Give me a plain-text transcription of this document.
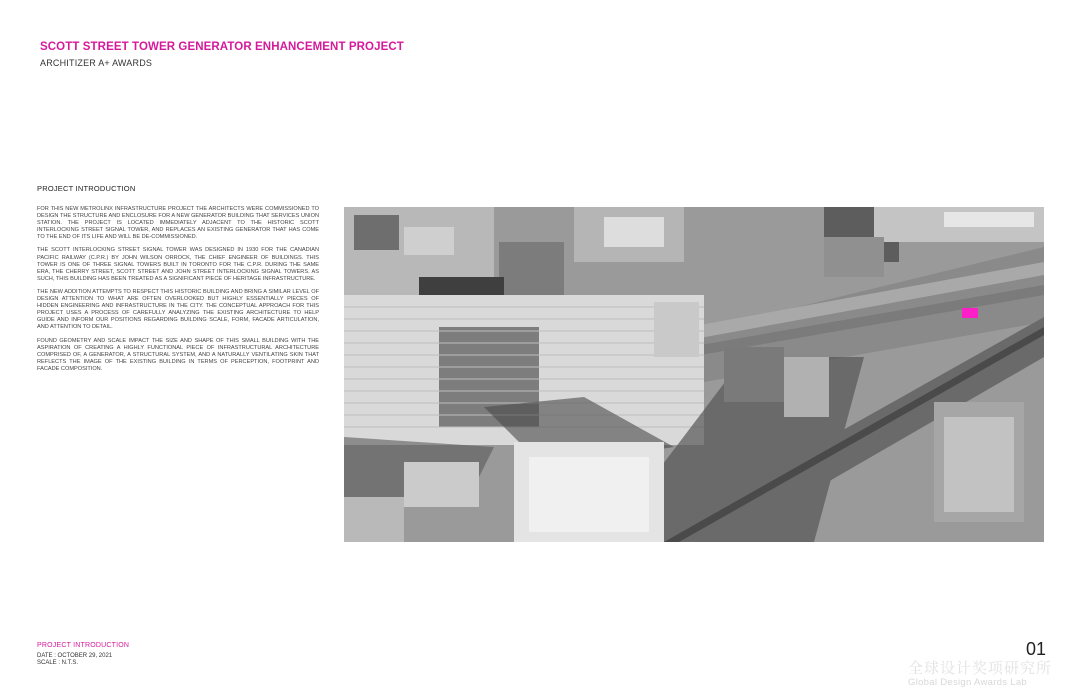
SCOTT STREET TOWER GENERATOR ENHANCEMENT PROJECT
ARCHITIZER A+ AWARDS
PROJECT INTRODUCTION

FOR THIS NEW METROLINX INFRASTRUCTURE PROJECT THE ARCHITECTS WERE COMMISSIONED TO DESIGN THE STRUCTURE AND ENCLOSURE FOR A NEW GENERATOR BUILDING THAT SERVICES UNION STATION. THE PROJECT IS LOCATED IMMEDIATELY ADJACENT TO THE HISTORIC SCOTT INTERLOCKING STREET SIGNAL TOWER, AND REPLACES AN EXISTING GENERATOR THAT HAS COME TO THE END OF ITS LIFE AND WILL BE DE-COMMISSIONED.

THE SCOTT INTERLOCKING STREET SIGNAL TOWER WAS DESIGNED IN 1930 FOR THE CANADIAN PACIFIC RAILWAY (C.P.R.) BY JOHN WILSON ORROCK, THE CHIEF ENGINEER OF BUILDINGS. THIS TOWER IS ONE OF THREE SIGNAL TOWERS BUILT IN TORONTO FOR THE C.P.R. DURING THE SAME ERA, THE CHERRY STREET, SCOTT STREET AND JOHN STREET INTERLOCKING SIGNAL TOWERS. AS SUCH, THIS BUILDING HAS BEEN TREATED AS A SIGNIFICANT PIECE OF HERITAGE INFRASTRUCTURE.

THE NEW ADDITION ATTEMPTS TO RESPECT THIS HISTORIC BUILDING AND BRING A SIMILAR LEVEL OF DESIGN ATTENTION TO WHAT ARE OFTEN OVERLOOKED BUT HIGHLY ESSENTIALLY PIECES OF HIDDEN ENGINEERING AND INFRASTRUCTURE IN THE CITY. THE CONCEPTUAL APPROACH FOR THIS PROJECT USES A PROCESS OF CAREFULLY ANALYZING THE EXISTING ARCHITECTURE TO HELP GUIDE AND INFORM OUR POSITIONS REGARDING BUILDING SCALE, FORM, FACADE ARTICULATION, AND ATTENTION TO DETAIL.

FOUND GEOMETRY AND SCALE IMPACT THE SIZE AND SHAPE OF THIS SMALL BUILDING WITH THE ASPIRATION OF CREATING A HIGHLY FUNCTIONAL PIECE OF INFRASTRUCTURAL ARCHITECTURE COMPRISED OF, A GENERATOR, A STRUCTURAL SYSTEM, AND A NATURALLY VENTILATING SKIN THAT REFLECTS THE IMAGE OF THE EXISTING BUILDING IN TERMS OF PERCEPTION, FOOTPRINT AND FACADE COMPOSITION.

PROJECT INTRODUCTION
DATE : OCTOBER 29, 2021
SCALE : N.T.S.
01
全球设计奖项研究所
Global Design Awards Lab
